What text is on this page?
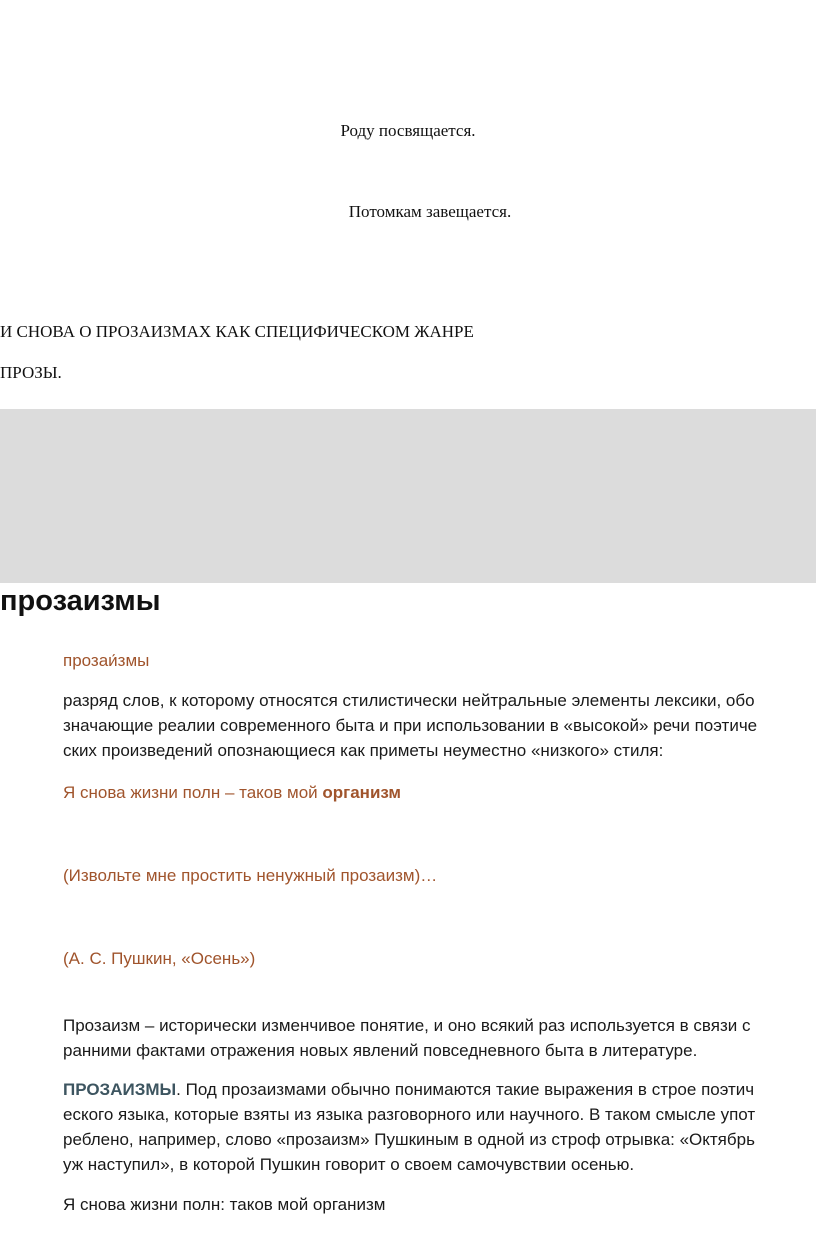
Роду посвящается.
Потомкам завещается.
И СНОВА О ПРОЗАИЗМАХ КАК СПЕЦИФИЧЕСКОМ ЖАНРЕ
ПРОЗЫ.
прозаизмы
прозаи́змы
разряд слов, к которому относятся стилистически нейтральные элементы лексики, обо
значающие реалии современного быта и при использовании в «высокой» речи поэтиче
ских произведений опознающиеся как приметы неуместно «низкого» стиля:
Я снова жизни полн – таков мой организм
(Извольте мне простить ненужный прозаизм)…
(А. С. Пушкин, «Осень»)
Прозаизм – исторически изменчивое понятие, и оно всякий раз используется в связи с
ранними фактами отражения новых явлений повседневного быта в литературе.
ПРОЗАИЗМЫ. Под прозаизмами обычно понимаются такие выражения в строе поэтич
еского языка, которые взяты из языка разговорного или научного. В таком смысле упот
реблено, например, слово «прозаизм» Пушкиным в одной из строф отрывка: «Октябрь
уж наступил», в которой Пушкин говорит о своем самочувствии осенью.
Я снова жизни полн: таков мой организм
